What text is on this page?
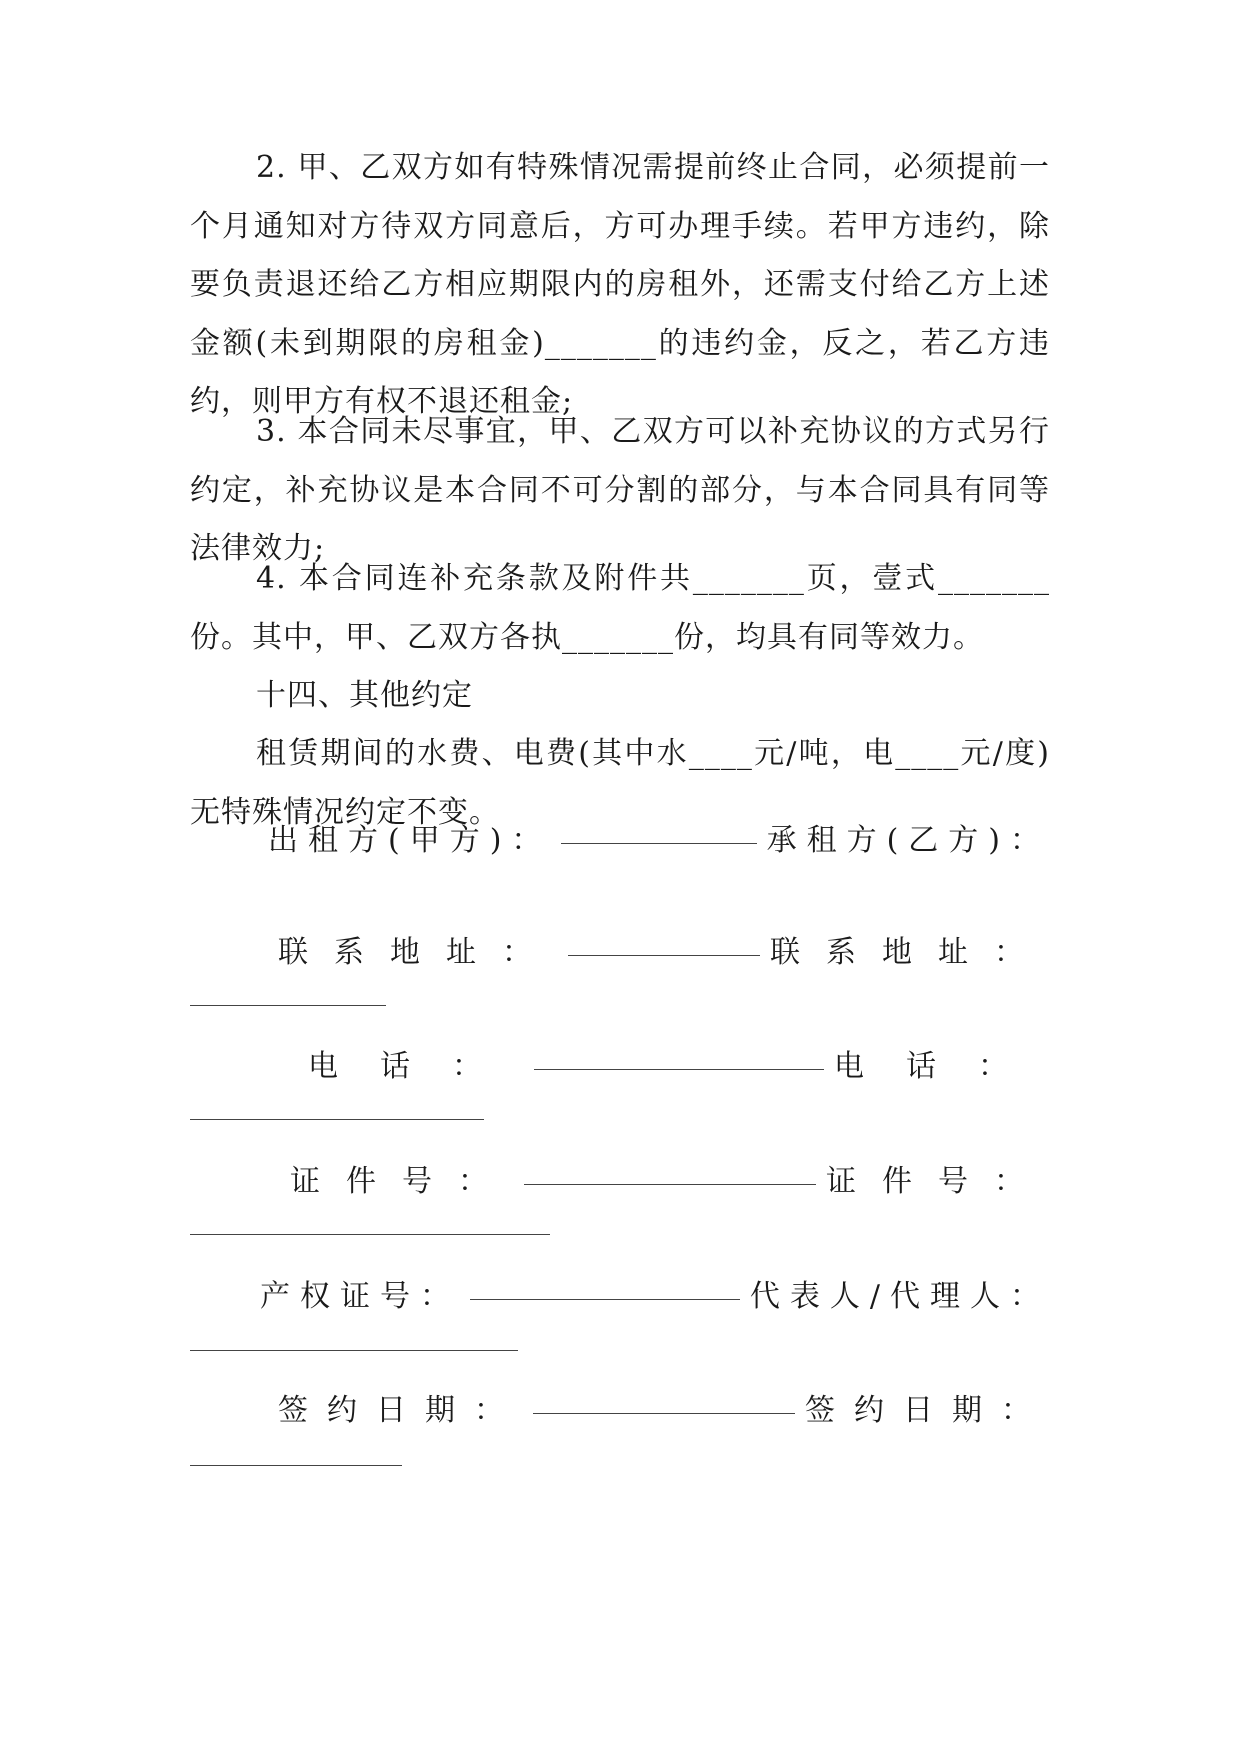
2. 甲、乙双方如有特殊情况需提前终止合同，必须提前一个月通知对方待双方同意后，方可办理手续。若甲方违约，除要负责退还给乙方相应期限内的房租外，还需支付给乙方上述金额(未到期限的房租金)_______的违约金，反之，若乙方违约，则甲方有权不退还租金;
3. 本合同未尽事宜，甲、乙双方可以补充协议的方式另行约定，补充协议是本合同不可分割的部分，与本合同具有同等法律效力;
4. 本合同连补充条款及附件共_______页，壹式_______份。其中，甲、乙双方各执_______份，均具有同等效力。
十四、其他约定
租赁期间的水费、电费(其中水____元/吨，电____元/度)无特殊情况约定不变。
出租方(甲方)：	承租方(乙方)：
联系地址：	联系地址：
电话：	电话：
证件号：	证件号：
产权证号：	代表人/代理人：
签约日期：	签约日期：
